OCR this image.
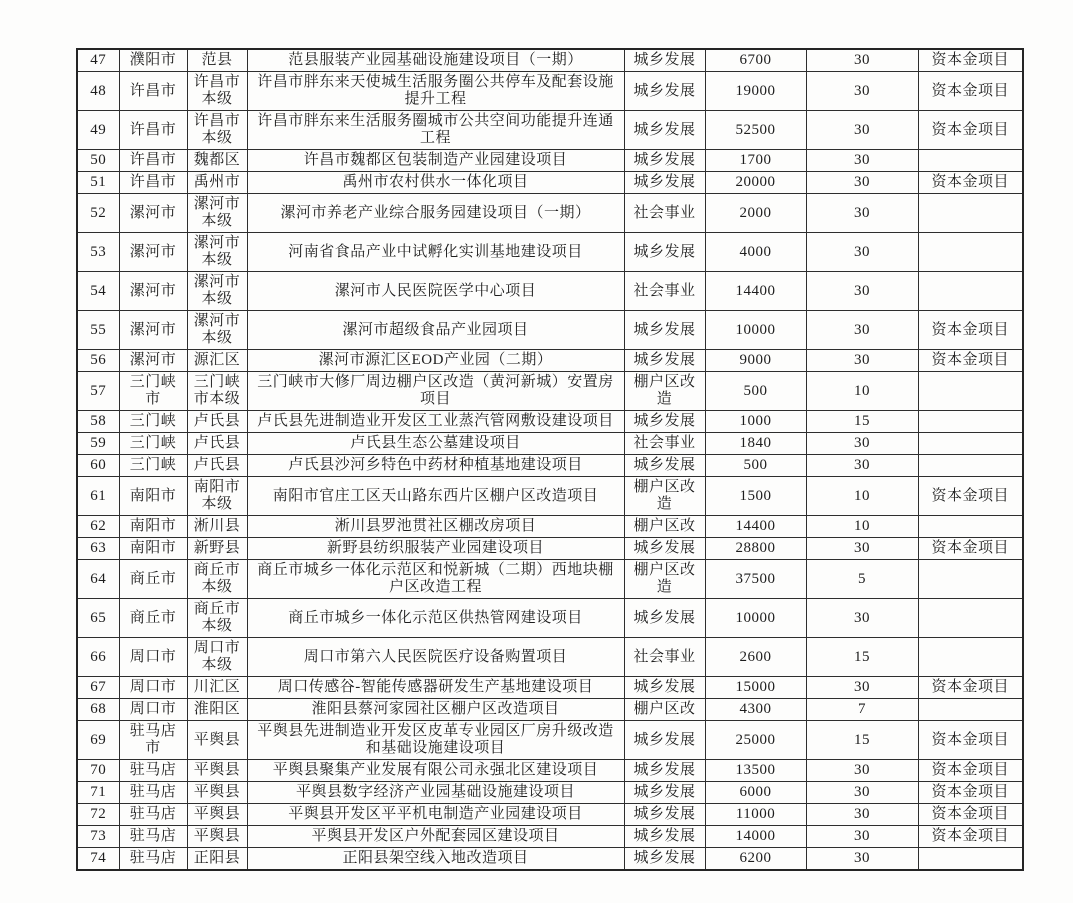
47	濮阳市	范县	范县服装产业园基础设施建设项目（一期）	城乡发展	6700	30	资本金项目
48	许昌市	许昌市本级	许昌市胖东来天使城生活服务圈公共停车及配套设施提升工程	城乡发展	19000	30	资本金项目
49	许昌市	许昌市本级	许昌市胖东来生活服务圈城市公共空间功能提升连通工程	城乡发展	52500	30	资本金项目
50	许昌市	魏都区	许昌市魏都区包装制造产业园建设项目	城乡发展	1700	30	
51	许昌市	禹州市	禹州市农村供水一体化项目	城乡发展	20000	30	资本金项目
52	漯河市	漯河市本级	漯河市养老产业综合服务园建设项目（一期）	社会事业	2000	30	
53	漯河市	漯河市本级	河南省食品产业中试孵化实训基地建设项目	城乡发展	4000	30	
54	漯河市	漯河市本级	漯河市人民医院医学中心项目	社会事业	14400	30	
55	漯河市	漯河市本级	漯河市超级食品产业园项目	城乡发展	10000	30	资本金项目
56	漯河市	源汇区	漯河市源汇区EOD产业园（二期）	城乡发展	9000	30	资本金项目
57	三门峡市	三门峡市本级	三门峡市大修厂周边棚户区改造（黄河新城）安置房项目	棚户区改造	500	10	
58	三门峡	卢氏县	卢氏县先进制造业开发区工业蒸汽管网敷设建设项目	城乡发展	1000	15	
59	三门峡	卢氏县	卢氏县生态公墓建设项目	社会事业	1840	30	
60	三门峡	卢氏县	卢氏县沙河乡特色中药材种植基地建设项目	城乡发展	500	30	
61	南阳市	南阳市本级	南阳市官庄工区天山路东西片区棚户区改造项目	棚户区改造	1500	10	资本金项目
62	南阳市	淅川县	淅川县罗池贯社区棚改房项目	棚户区改	14400	10	
63	南阳市	新野县	新野县纺织服装产业园建设项目	城乡发展	28800	30	资本金项目
64	商丘市	商丘市本级	商丘市城乡一体化示范区和悦新城（二期）西地块棚户区改造工程	棚户区改造	37500	5	
65	商丘市	商丘市本级	商丘市城乡一体化示范区供热管网建设项目	城乡发展	10000	30	
66	周口市	周口市本级	周口市第六人民医院医疗设备购置项目	社会事业	2600	15	
67	周口市	川汇区	周口传感谷-智能传感器研发生产基地建设项目	城乡发展	15000	30	资本金项目
68	周口市	淮阳区	淮阳县蔡河家园社区棚户区改造项目	棚户区改	4300	7	
69	驻马店市	平舆县	平舆县先进制造业开发区皮革专业园区厂房升级改造和基础设施建设项目	城乡发展	25000	15	资本金项目
70	驻马店	平舆县	平舆县聚集产业发展有限公司永强北区建设项目	城乡发展	13500	30	资本金项目
71	驻马店	平舆县	平舆县数字经济产业园基础设施建设项目	城乡发展	6000	30	资本金项目
72	驻马店	平舆县	平舆县开发区平平机电制造产业园建设项目	城乡发展	11000	30	资本金项目
73	驻马店	平舆县	平舆县开发区户外配套园区建设项目	城乡发展	14000	30	资本金项目
74	驻马店	正阳县	正阳县架空线入地改造项目	城乡发展	6200	30	
